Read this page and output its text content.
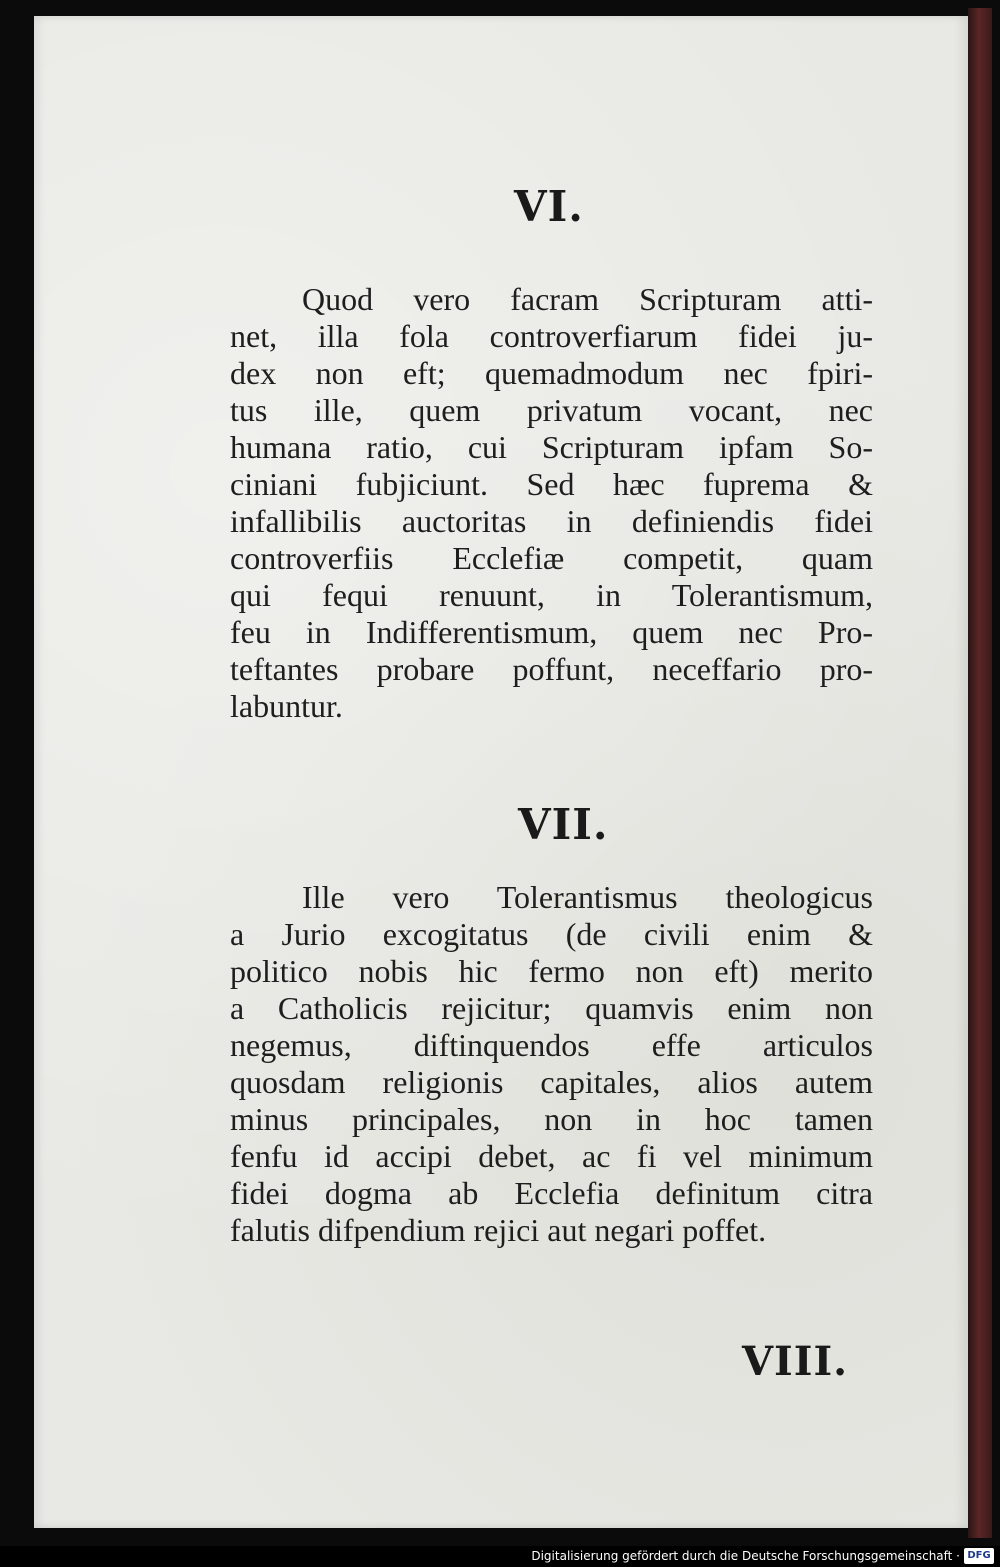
VI.
Quod vero facram Scripturam atti-
net, illa fola controverfiarum fidei ju-
dex non eft; quemadmodum nec fpiri-
tus ille, quem privatum vocant, nec
humana ratio, cui Scripturam ipfam So-
ciniani fubjiciunt. Sed hæc fuprema &
infallibilis auctoritas in definiendis fidei
controverfiis Ecclefiæ competit, quam
qui fequi renuunt, in Tolerantismum,
feu in Indifferentismum, quem nec Pro-
teftantes probare poffunt, neceffario pro-
labuntur.
VII.
Ille vero Tolerantismus theologicus
a Jurio excogitatus (de civili enim &
politico nobis hic fermo non eft) merito
a Catholicis rejicitur; quamvis enim non
negemus, diftinquendos effe articulos
quosdam religionis capitales, alios autem
minus principales, non in hoc tamen
fenfu id accipi debet, ac fi vel minimum
fidei dogma ab Ecclefia definitum citra
falutis difpendium rejici aut negari poffet.
VIII.
Digitalisierung gefördert durch die Deutsche Forschungsgemeinschaft · DFG
